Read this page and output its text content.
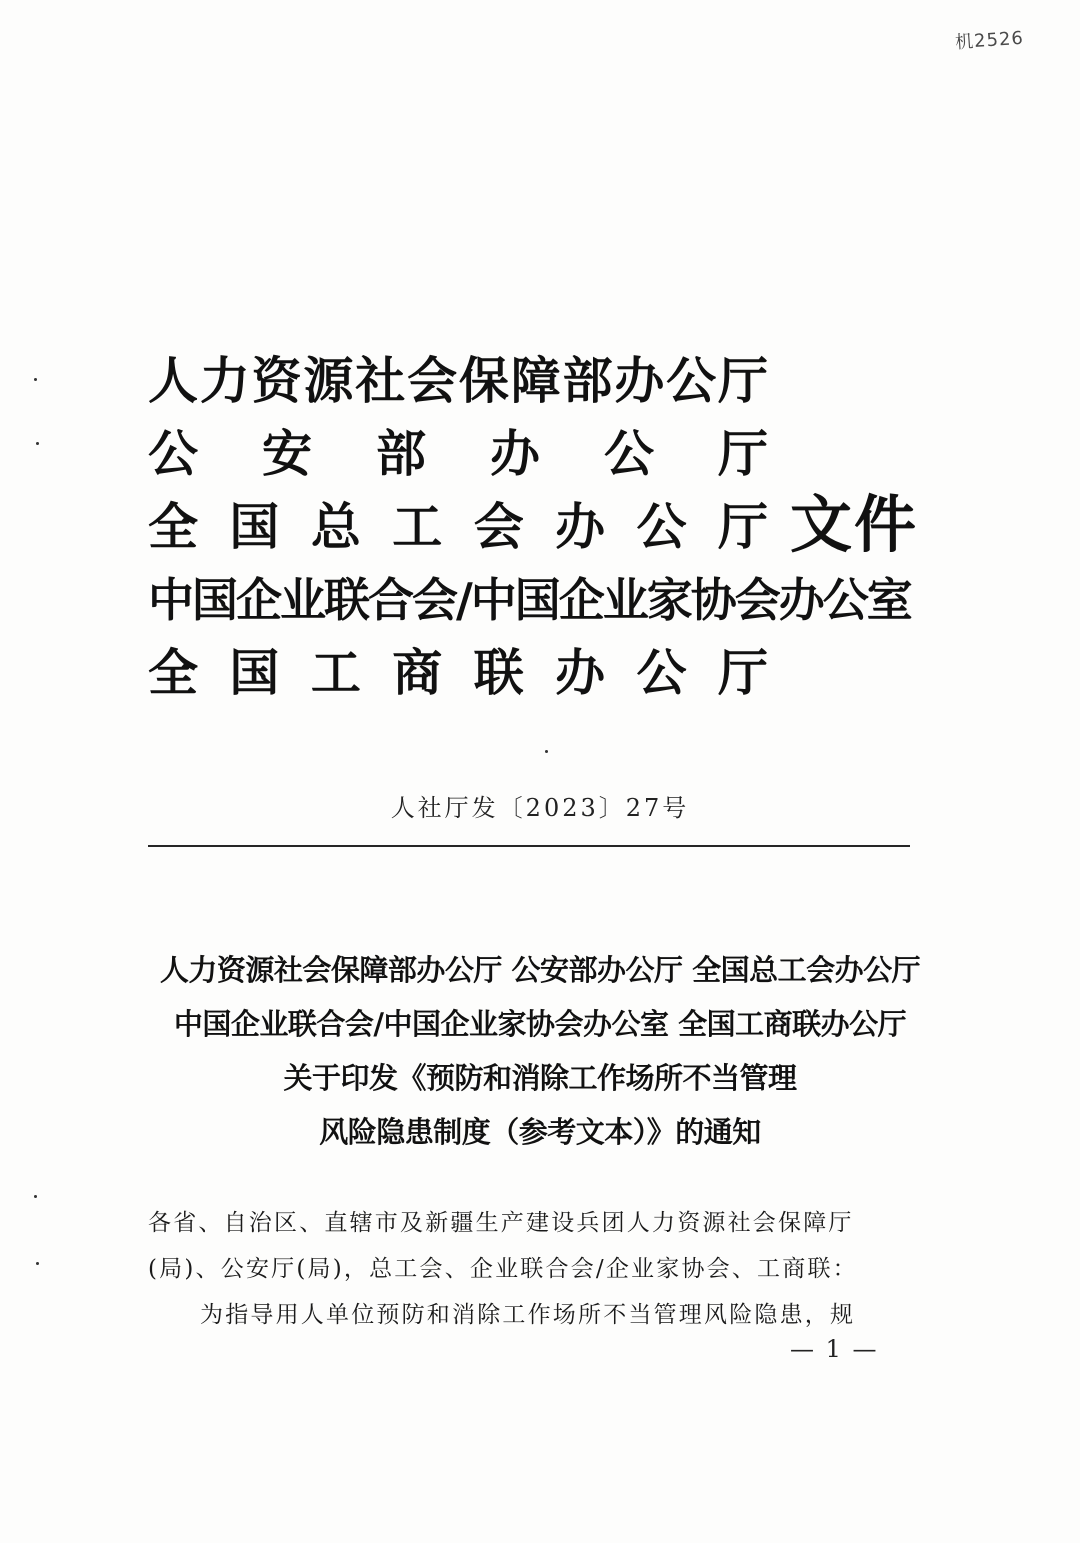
机2526
人 力 资 源 社 会 保 障 部 办 公 厅
公 安 部 办 公 厅
全 国 总 工 会 办 公 厅
中国企业联合会/中国企业家协会办公室
全 国 工 商 联 办 公 厅
文件
人社厅发〔2023〕27号
人力资源社会保障部办公厅 公安部办公厅 全国总工会办公厅
中国企业联合会/中国企业家协会办公室 全国工商联办公厅
关于印发《预防和消除工作场所不当管理
风险隐患制度（参考文本）》的通知
各省、自治区、直辖市及新疆生产建设兵团人力资源社会保障厅
(局)、公安厅(局)，总工会、企业联合会/企业家协会、工商联：
为指导用人单位预防和消除工作场所不当管理风险隐患，规
— 1 —
